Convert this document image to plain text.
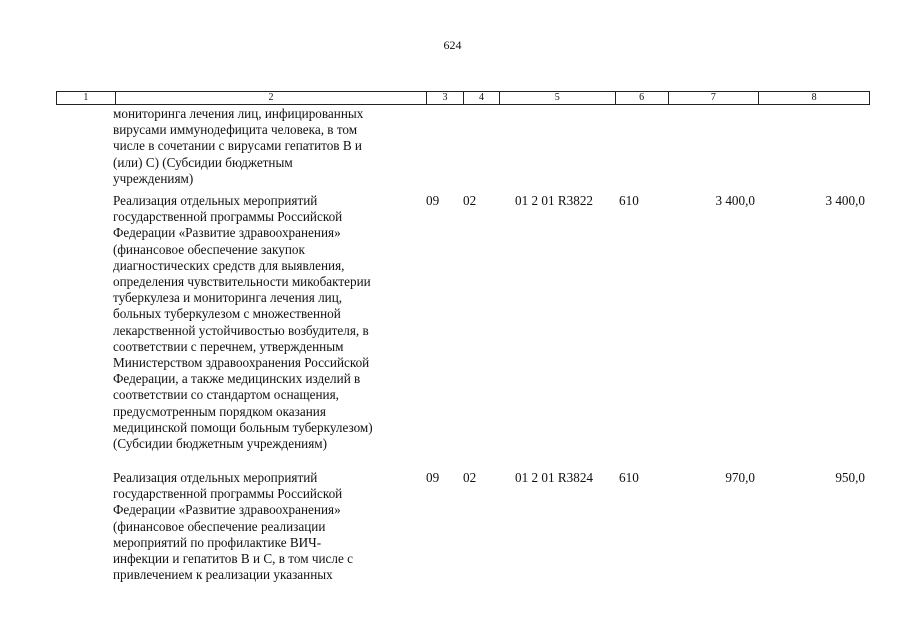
624
1	2	3	4	5	6	7	8
мониторинга лечения лиц, инфицированных
вирусами иммунодефицита человека, в том
числе в сочетании с вирусами гепатитов В и
(или) С) (Субсидии бюджетным
учреждениям)
Реализация отдельных мероприятий
государственной программы Российской
Федерации «Развитие здравоохранения»
(финансовое обеспечение закупок
диагностических средств для выявления,
определения чувствительности микобактерии
туберкулеза и мониторинга лечения лиц,
больных туберкулезом с множественной
лекарственной устойчивостью возбудителя, в
соответствии с перечнем, утвержденным
Министерством здравоохранения Российской
Федерации, а также медицинских изделий в
соответствии со стандартом оснащения,
предусмотренным порядком оказания
медицинской помощи больным туберкулезом)
(Субсидии бюджетным учреждениям)
09 02	01 2 01 R3822 610	3 400,0	3 400,0
Реализация отдельных мероприятий
государственной программы Российской
Федерации «Развитие здравоохранения»
(финансовое обеспечение реализации
мероприятий по профилактике ВИЧ-
инфекции и гепатитов В и С, в том числе с
привлечением к реализации указанных
09 02	01 2 01 R3824 610	970,0	950,0
